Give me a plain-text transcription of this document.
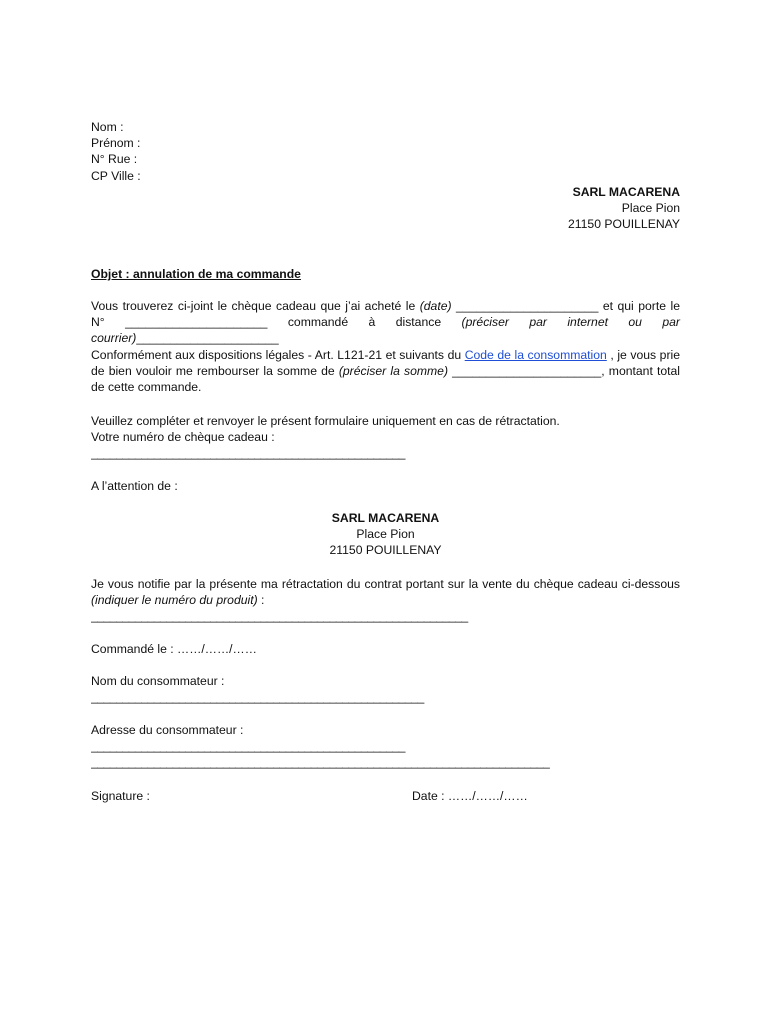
Nom :
Prénom :
N° Rue :
CP Ville :
SARL MACARENA
Place Pion
21150 POUILLENAY
Objet : annulation de ma commande
Vous trouverez ci-joint le chèque cadeau que j’ai acheté le (date) _____________________ et qui porte le N° _____________________ commandé à distance (préciser par internet ou par courrier)_____________________
Conformément aux dispositions légales - Art. L121-21 et suivants du Code de la consommation , je vous prie de bien vouloir me rembourser la somme de (préciser la somme) ______________________, montant total de cette commande.
Veuillez compléter et renvoyer le présent formulaire uniquement en cas de rétractation.
Votre numéro de chèque cadeau :
__________________________________________________
A l’attention de :
SARL MACARENA
Place Pion
21150 POUILLENAY
Je vous notifie par la présente ma rétractation du contrat portant sur la vente du chèque cadeau ci-dessous (indiquer le numéro du produit) :
____________________________________________________________
Commandé le : ……/……/……
Nom du consommateur :
_____________________________________________________
Adresse du consommateur :
__________________________________________________
_________________________________________________________________________
Signature :	Date : ……/……/……
